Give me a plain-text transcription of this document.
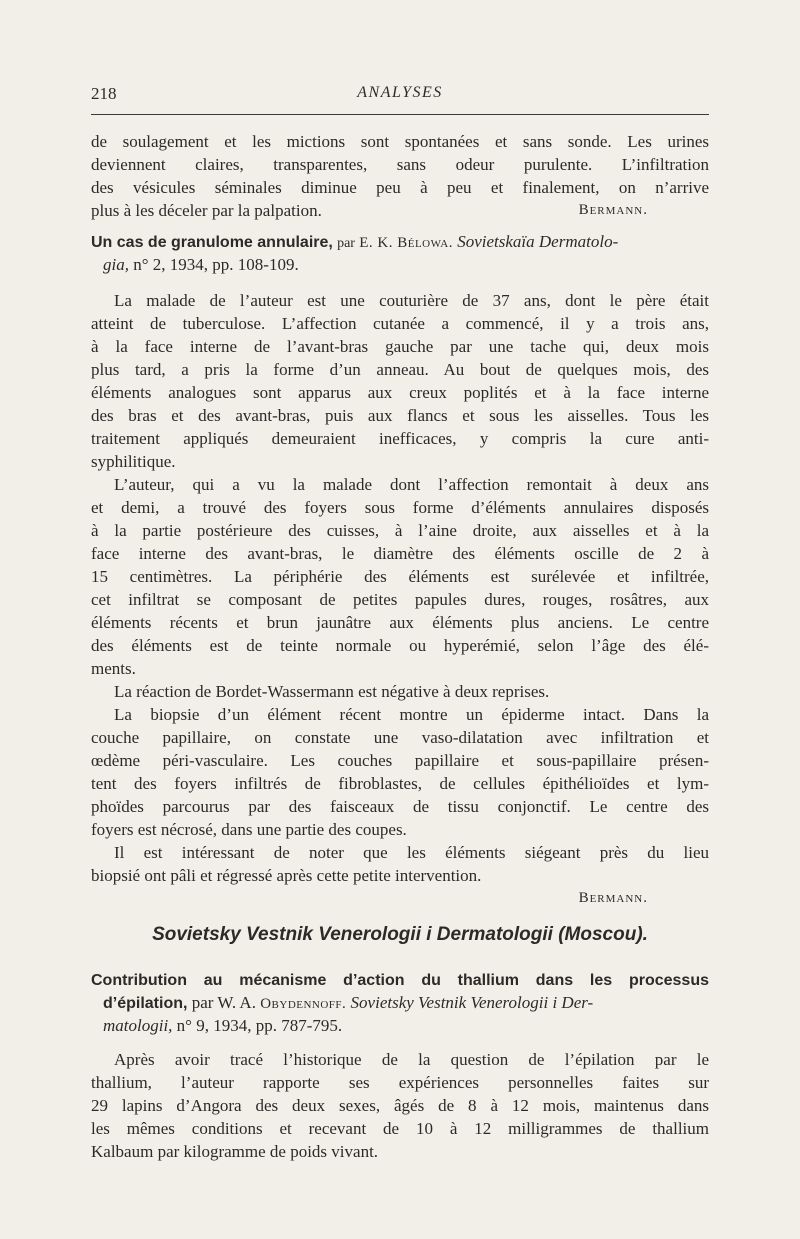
218	ANALYSES
de soulagement et les mictions sont spontanées et sans sonde. Les urines
deviennent claires, transparentes, sans odeur purulente. L’infiltration
des vésicules séminales diminue peu à peu et finalement, on n’arrive
plus à les déceler par la palpation.	Bermann.
Un cas de granulome annulaire, par E. K. Bélowa. Sovietskaïa Dermatolo-
gia, n° 2, 1934, pp. 108-109.
La malade de l’auteur est une couturière de 37 ans, dont le père était
atteint de tuberculose. L’affection cutanée a commencé, il y a trois ans,
à la face interne de l’avant-bras gauche par une tache qui, deux mois
plus tard, a pris la forme d’un anneau. Au bout de quelques mois, des
éléments analogues sont apparus aux creux poplités et à la face interne
des bras et des avant-bras, puis aux flancs et sous les aisselles. Tous les
traitement appliqués demeuraient inefficaces, y compris la cure anti-
syphilitique.
L’auteur, qui a vu la malade dont l’affection remontait à deux ans
et demi, a trouvé des foyers sous forme d’éléments annulaires disposés
à la partie postérieure des cuisses, à l’aine droite, aux aisselles et à la
face interne des avant-bras, le diamètre des éléments oscille de 2 à
15 centimètres. La périphérie des éléments est surélevée et infiltrée,
cet infiltrat se composant de petites papules dures, rouges, rosâtres, aux
éléments récents et brun jaunâtre aux éléments plus anciens. Le centre
des éléments est de teinte normale ou hyperémié, selon l’âge des élé-
ments.
La réaction de Bordet-Wassermann est négative à deux reprises.
La biopsie d’un élément récent montre un épiderme intact. Dans la
couche papillaire, on constate une vaso-dilatation avec infiltration et
œdème péri-vasculaire. Les couches papillaire et sous-papillaire présen-
tent des foyers infiltrés de fibroblastes, de cellules épithélioïdes et lym-
phoïdes parcourus par des faisceaux de tissu conjonctif. Le centre des
foyers est nécrosé, dans une partie des coupes.
Il est intéressant de noter que les éléments siégeant près du lieu
biopsié ont pâli et régressé après cette petite intervention.
Bermann.
Sovietsky Vestnik Venerologii i Dermatologii (Moscou).
Contribution au mécanisme d’action du thallium dans les processus
d’épilation, par W. A. Obydennoff. Sovietsky Vestnik Venerologii i Der-
matologii, n° 9, 1934, pp. 787-795.
Après avoir tracé l’historique de la question de l’épilation par le
thallium, l’auteur rapporte ses expériences personnelles faites sur
29 lapins d’Angora des deux sexes, âgés de 8 à 12 mois, maintenus dans
les mêmes conditions et recevant de 10 à 12 milligrammes de thallium
Kalbaum par kilogramme de poids vivant.
